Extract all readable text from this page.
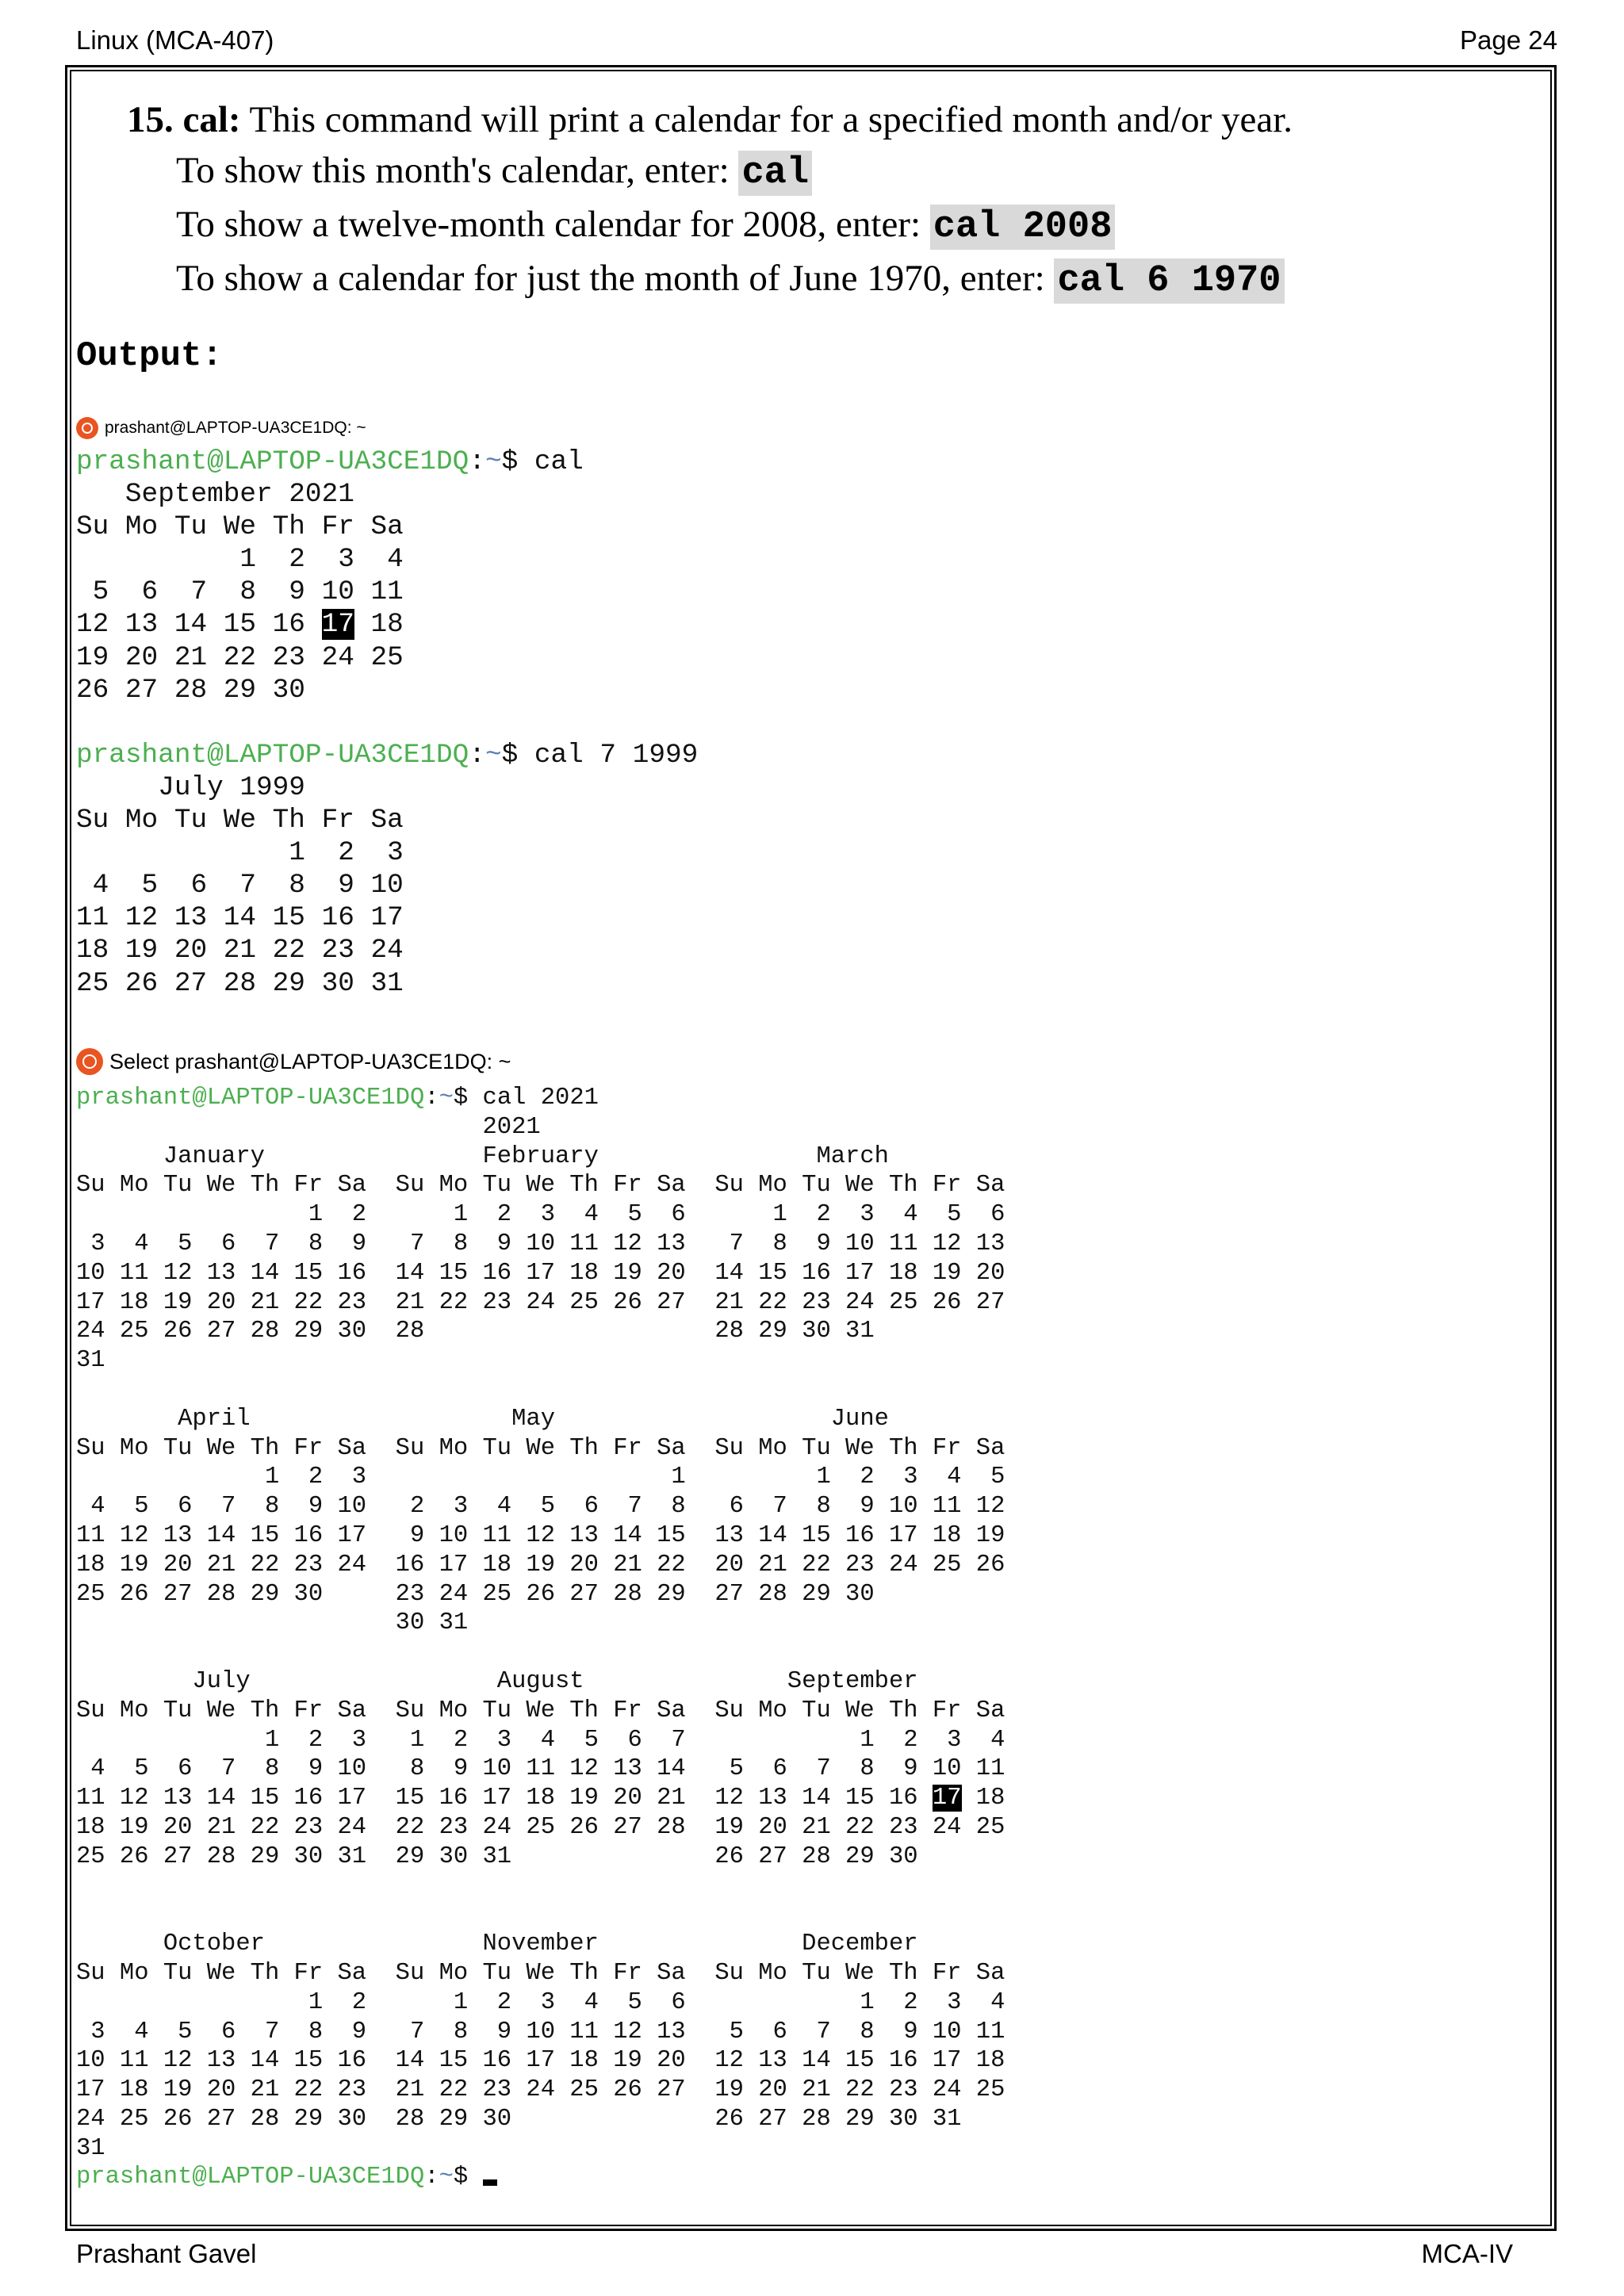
Linux (MCA-407)	Page 24
15. cal: This command will print a calendar for a specified month and/or year.
To show this month's calendar, enter: cal
To show a twelve-month calendar for 2008, enter: cal 2008
To show a calendar for just the month of June 1970, enter: cal 6 1970
Output:
prashant@LAPTOP-UA3CE1DQ: ~
prashant@LAPTOP-UA3CE1DQ:~$ cal
September 2021
Su Mo Tu We Th Fr Sa
1  2  3  4
5  6  7  8  9 10 11
12 13 14 15 16 17 18
19 20 21 22 23 24 25
26 27 28 29 30

prashant@LAPTOP-UA3CE1DQ:~$ cal 7 1999
July 1999
Su Mo Tu We Th Fr Sa
1  2  3
4  5  6  7  8  9 10
11 12 13 14 15 16 17
18 19 20 21 22 23 24
25 26 27 28 29 30 31
Select prashant@LAPTOP-UA3CE1DQ: ~
prashant@LAPTOP-UA3CE1DQ:~$ cal 2021
2021
January               February               March
Su Mo Tu We Th Fr Sa  Su Mo Tu We Th Fr Sa  Su Mo Tu We Th Fr Sa
1  2      1  2  3  4  5  6      1  2  3  4  5  6
3  4  5  6  7  8  9   7  8  9 10 11 12 13   7  8  9 10 11 12 13
10 11 12 13 14 15 16  14 15 16 17 18 19 20  14 15 16 17 18 19 20
17 18 19 20 21 22 23  21 22 23 24 25 26 27  21 22 23 24 25 26 27
24 25 26 27 28 29 30  28                    28 29 30 31
31

April                  May                   June
Su Mo Tu We Th Fr Sa  Su Mo Tu We Th Fr Sa  Su Mo Tu We Th Fr Sa
1  2  3                     1         1  2  3  4  5
4  5  6  7  8  9 10   2  3  4  5  6  7  8   6  7  8  9 10 11 12
11 12 13 14 15 16 17   9 10 11 12 13 14 15  13 14 15 16 17 18 19
18 19 20 21 22 23 24  16 17 18 19 20 21 22  20 21 22 23 24 25 26
25 26 27 28 29 30     23 24 25 26 27 28 29  27 28 29 30
30 31

July                 August              September
Su Mo Tu We Th Fr Sa  Su Mo Tu We Th Fr Sa  Su Mo Tu We Th Fr Sa
1  2  3   1  2  3  4  5  6  7            1  2  3  4
4  5  6  7  8  9 10   8  9 10 11 12 13 14   5  6  7  8  9 10 11
11 12 13 14 15 16 17  15 16 17 18 19 20 21  12 13 14 15 16 17 18
18 19 20 21 22 23 24  22 23 24 25 26 27 28  19 20 21 22 23 24 25
25 26 27 28 29 30 31  29 30 31              26 27 28 29 30

October               November              December
Su Mo Tu We Th Fr Sa  Su Mo Tu We Th Fr Sa  Su Mo Tu We Th Fr Sa
1  2      1  2  3  4  5  6            1  2  3  4
3  4  5  6  7  8  9   7  8  9 10 11 12 13   5  6  7  8  9 10 11
10 11 12 13 14 15 16  14 15 16 17 18 19 20  12 13 14 15 16 17 18
17 18 19 20 21 22 23  21 22 23 24 25 26 27  19 20 21 22 23 24 25
24 25 26 27 28 29 30  28 29 30              26 27 28 29 30 31
31
prashant@LAPTOP-UA3CE1DQ:~$
Prashant Gavel	MCA-IV
